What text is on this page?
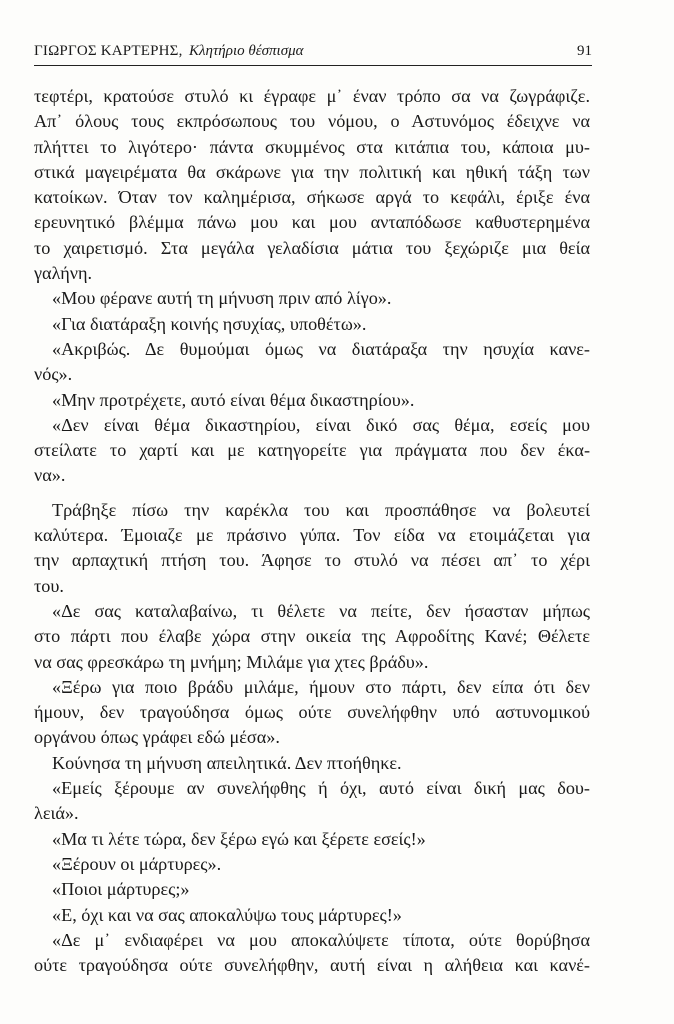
ΓΙΩΡΓΟΣ ΚΑΡΤΕΡΗΣ, Κλητήριο θέσπισμα	91
τεφτέρι, κρατούσε στυλό κι έγραφε μ᾽ έναν τρόπο σα να ζωγράφιζε.
Απ᾽ όλους τους εκπρόσωπους του νόμου, ο Αστυνόμος έδειχνε να
πλήττει το λιγότερο· πάντα σκυμμένος στα κιτάπια του, κάποια μυ-
στικά μαγειρέματα θα σκάρωνε για την πολιτική και ηθική τάξη των
κατοίκων. Όταν τον καλημέρισα, σήκωσε αργά το κεφάλι, έριξε ένα
ερευνητικό βλέμμα πάνω μου και μου ανταπόδωσε καθυστερημένα
το χαιρετισμό. Στα μεγάλα γελαδίσια μάτια του ξεχώριζε μια θεία
γαλήνη.
«Μου φέρανε αυτή τη μήνυση πριν από λίγο».
«Για διατάραξη κοινής ησυχίας, υποθέτω».
«Ακριβώς. Δε θυμούμαι όμως να διατάραξα την ησυχία κανε-
νός».
«Μην προτρέχετε, αυτό είναι θέμα δικαστηρίου».
«Δεν είναι θέμα δικαστηρίου, είναι δικό σας θέμα, εσείς μου
στείλατε το χαρτί και με κατηγορείτε για πράγματα που δεν έκα-
να».
Τράβηξε πίσω την καρέκλα του και προσπάθησε να βολευτεί
καλύτερα. Έμοιαζε με πράσινο γύπα. Τον είδα να ετοιμάζεται για
την αρπαχτική πτήση του. Άφησε το στυλό να πέσει απ᾽ το χέρι
του.
«Δε σας καταλαβαίνω, τι θέλετε να πείτε, δεν ήσασταν μήπως
στο πάρτι που έλαβε χώρα στην οικεία της Αφροδίτης Κανέ; Θέλετε
να σας φρεσκάρω τη μνήμη; Μιλάμε για χτες βράδυ».
«Ξέρω για ποιο βράδυ μιλάμε, ήμουν στο πάρτι, δεν είπα ότι δεν
ήμουν, δεν τραγούδησα όμως ούτε συνελήφθην υπό αστυνομικού
οργάνου όπως γράφει εδώ μέσα».
Κούνησα τη μήνυση απειλητικά. Δεν πτοήθηκε.
«Εμείς ξέρουμε αν συνελήφθης ή όχι, αυτό είναι δική μας δου-
λειά».
«Μα τι λέτε τώρα, δεν ξέρω εγώ και ξέρετε εσείς!»
«Ξέρουν οι μάρτυρες».
«Ποιοι μάρτυρες;»
«Ε, όχι και να σας αποκαλύψω τους μάρτυρες!»
«Δε μ᾽ ενδιαφέρει να μου αποκαλύψετε τίποτα, ούτε θορύβησα
ούτε τραγούδησα ούτε συνελήφθην, αυτή είναι η αλήθεια και κανέ-
